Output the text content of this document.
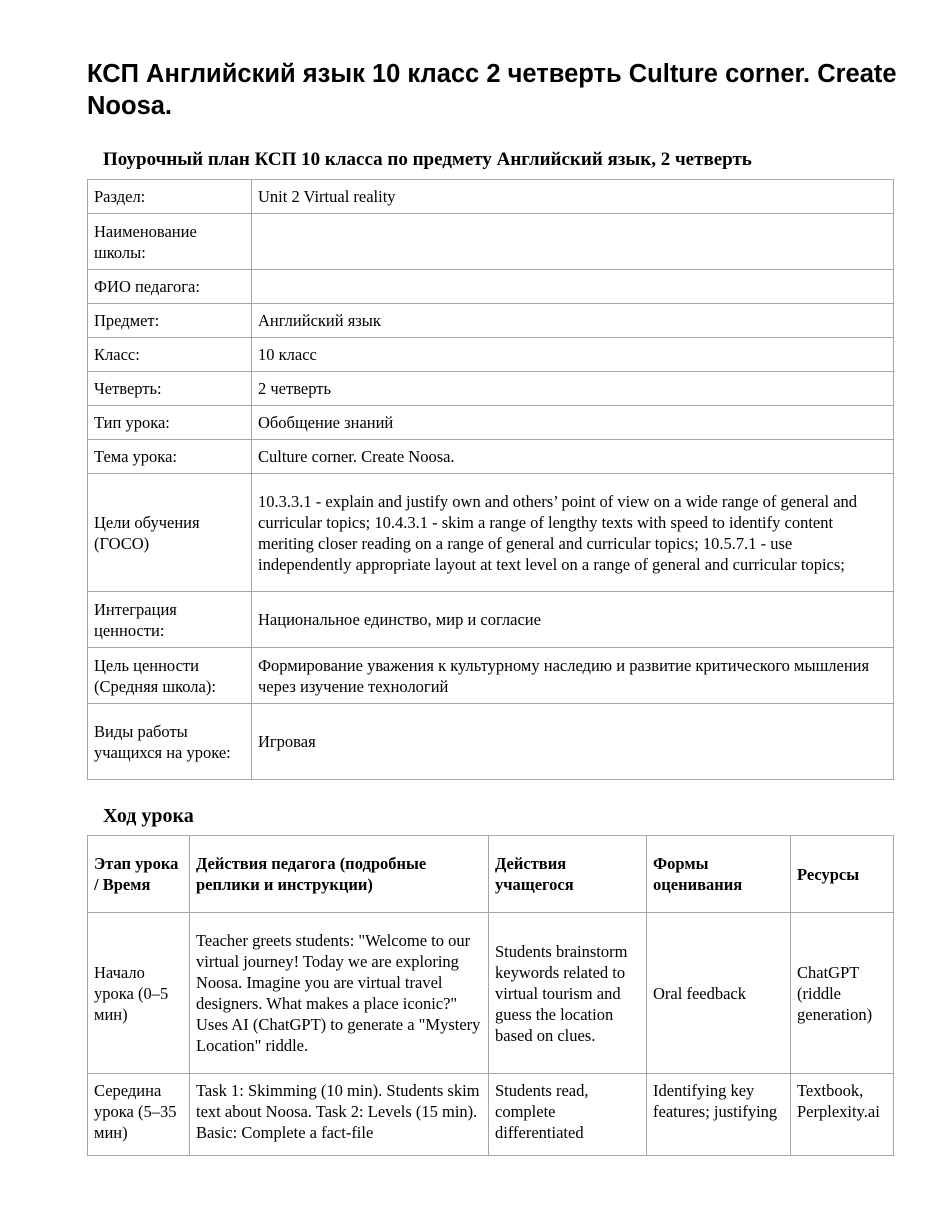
КСП Английский язык 10 класс 2 четверть Culture corner. Create Noosa.
Поурочный план КСП 10 класса по предмету Английский язык, 2 четверть
Раздел:	Unit 2 Virtual reality
Наименование школы:	
ФИО педагога:	
Предмет:	Английский язык
Класс:	10 класс
Четверть:	2 четверть
Тип урока:	Обобщение знаний
Тема урока:	Culture corner. Create Noosa.
Цели обучения (ГОСО)	10.3.3.1 - explain and justify own and others’ point of view on a wide range of general and curricular topics; 10.4.3.1 - skim a range of lengthy texts with speed to identify content meriting closer reading on a range of general and curricular topics; 10.5.7.1 - use independently appropriate layout at text level on a range of general and curricular topics;
Интеграция ценности:	Национальное единство, мир и согласие
Цель ценности (Средняя школа):	Формирование уважения к культурному наследию и развитие критического мышления через изучение технологий
Виды работы учащихся на уроке:	Игровая
Ход урока
Этап урока / Время	Действия педагога (подробные реплики и инструкции)	Действия учащегося	Формы оценивания	Ресурсы
Начало урока (0–5 мин)	Teacher greets students: "Welcome to our virtual journey! Today we are exploring Noosa. Imagine you are virtual travel designers. What makes a place iconic?" Uses AI (ChatGPT) to generate a "Mystery Location" riddle.	Students brainstorm keywords related to virtual tourism and guess the location based on clues.	Oral feedback	ChatGPT (riddle generation)

Середина урока (5–35 мин)	Task 1: Skimming (10 min). Students skim text about Noosa. Task 2: Levels (15 min). Basic: Complete a fact-file	Students read, complete differentiated	Identifying key features; justifying	Textbook, Perplexity.ai
